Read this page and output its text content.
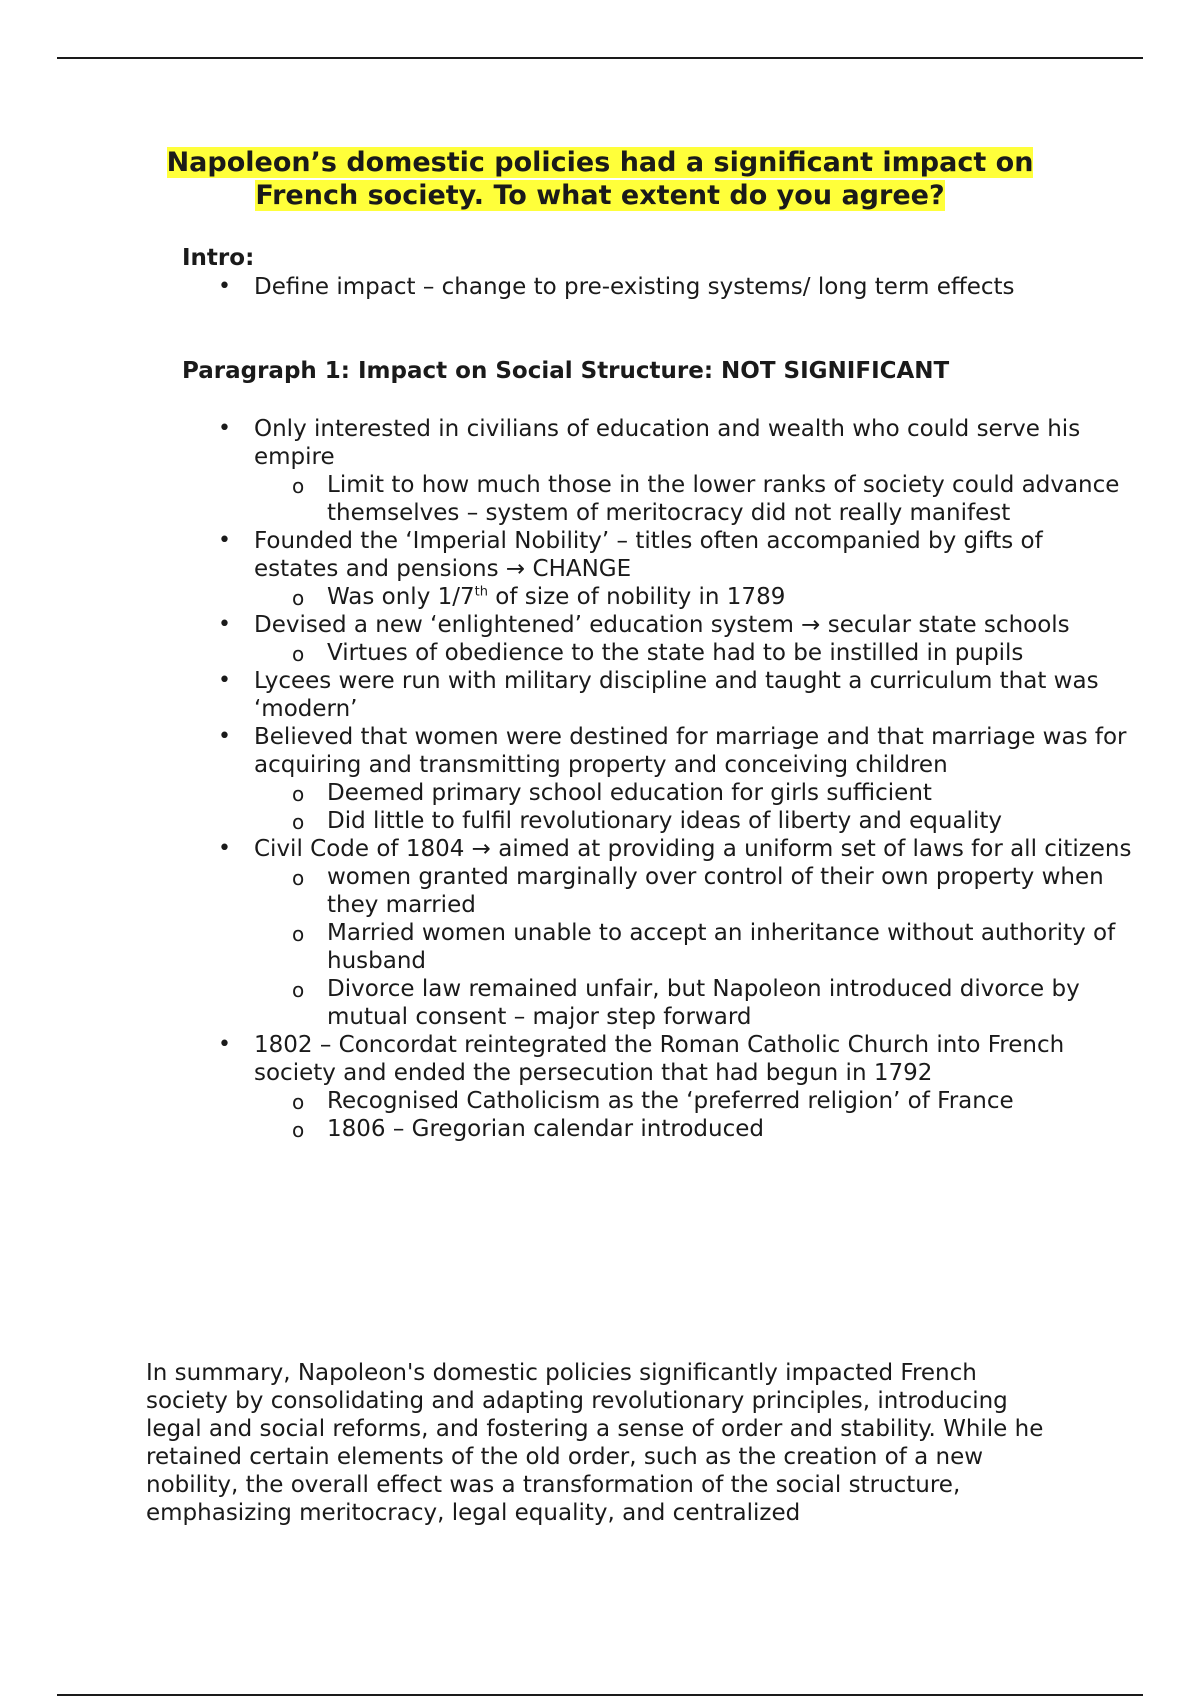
Napoleon’s domestic policies had a significant impact on
French society. To what extent do you agree?
Intro:
• Define impact – change to pre-existing systems/ long term effects
Paragraph 1: Impact on Social Structure: NOT SIGNIFICANT
• Only interested in civilians of education and wealth who could serve his empire
o Limit to how much those in the lower ranks of society could advance themselves – system of meritocracy did not really manifest
• Founded the ‘Imperial Nobility’ – titles often accompanied by gifts of estates and pensions → CHANGE
o Was only 1/7th of size of nobility in 1789
• Devised a new ‘enlightened’ education system → secular state schools
o Virtues of obedience to the state had to be instilled in pupils
• Lycees were run with military discipline and taught a curriculum that was ‘modern’
• Believed that women were destined for marriage and that marriage was for acquiring and transmitting property and conceiving children
o Deemed primary school education for girls sufficient
o Did little to fulfil revolutionary ideas of liberty and equality
• Civil Code of 1804 → aimed at providing a uniform set of laws for all citizens
o women granted marginally over control of their own property when they married
o Married women unable to accept an inheritance without authority of husband
o Divorce law remained unfair, but Napoleon introduced divorce by mutual consent – major step forward
• 1802 – Concordat reintegrated the Roman Catholic Church into French society and ended the persecution that had begun in 1792
o Recognised Catholicism as the ‘preferred religion’ of France
o 1806 – Gregorian calendar introduced

In summary, Napoleon's domestic policies significantly impacted French society by consolidating and adapting revolutionary principles, introducing legal and social reforms, and fostering a sense of order and stability. While he retained certain elements of the old order, such as the creation of a new nobility, the overall effect was a transformation of the social structure, emphasizing meritocracy, legal equality, and centralized
